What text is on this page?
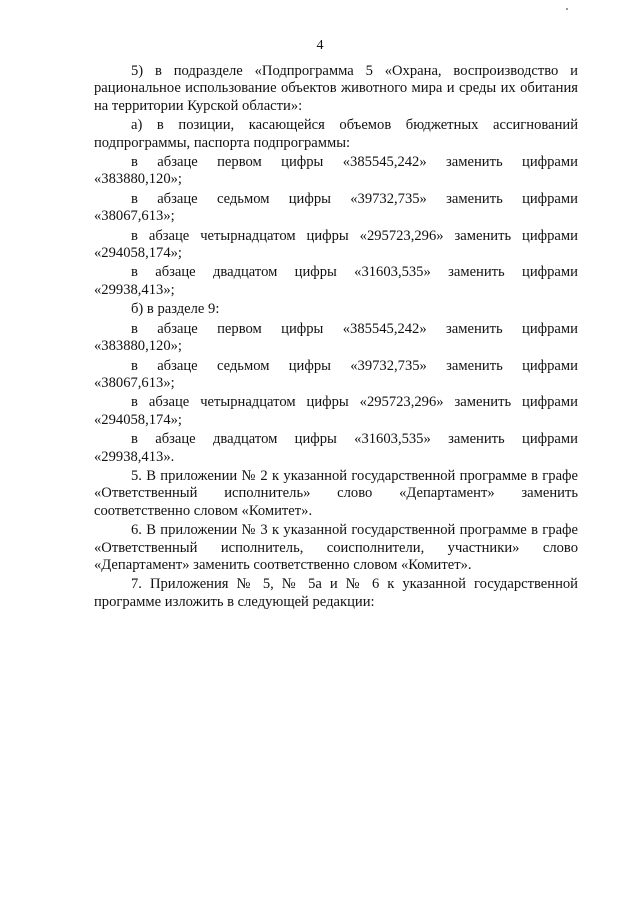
4

5) в подразделе «Подпрограмма 5 «Охрана, воспроизводство и рациональное использование объектов животного мира и среды их обитания на территории Курской области»:

а) в позиции, касающейся объемов бюджетных ассигнований подпрограммы, паспорта подпрограммы:

в абзаце первом цифры «385545,242» заменить цифрами
«383880,120»;
в абзаце седьмом цифры «39732,735» заменить цифрами
«38067,613»;
в абзаце четырнадцатом цифры «295723,296» заменить цифрами
«294058,174»;
в абзаце двадцатом цифры «31603,535» заменить цифрами
«29938,413»;

б) в разделе 9:

в абзаце первом цифры «385545,242» заменить цифрами
«383880,120»;
в абзаце седьмом цифры «39732,735» заменить цифрами
«38067,613»;
в абзаце четырнадцатом цифры «295723,296» заменить цифрами
«294058,174»;
в абзаце двадцатом цифры «31603,535» заменить цифрами
«29938,413».

5. В приложении № 2 к указанной государственной программе в графе «Ответственный исполнитель» слово «Департамент» заменить соответственно словом «Комитет».

6. В приложении № 3 к указанной государственной программе в графе «Ответственный исполнитель, соисполнители, участники» слово «Департамент» заменить соответственно словом «Комитет».

7. Приложения № 5, № 5а и № 6 к указанной государственной программе изложить в следующей редакции:
